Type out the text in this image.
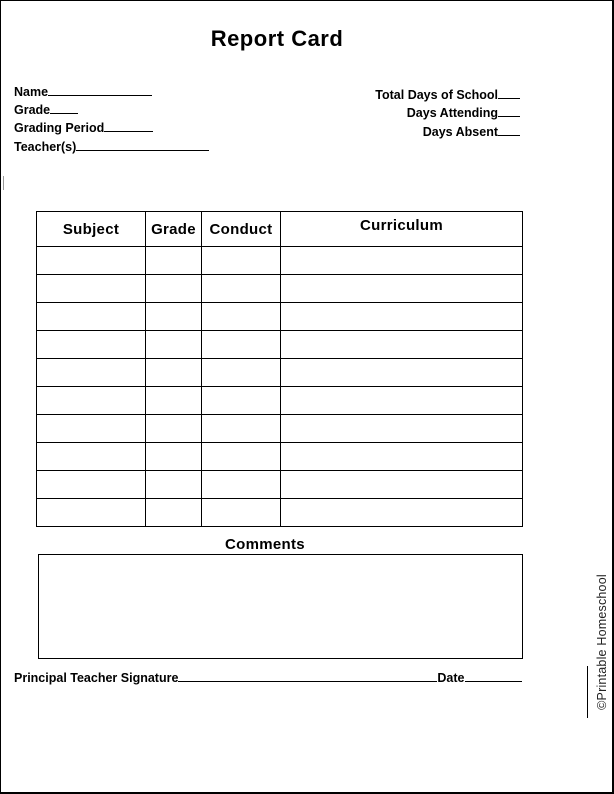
Report Card
Name
Grade
Grading Period
Teacher(s)
Total Days of School
Days Attending
Days Absent
Subject	Grade	Conduct	Curriculum

Comments
Principal Teacher Signature	Date	©Printable Homeschool
